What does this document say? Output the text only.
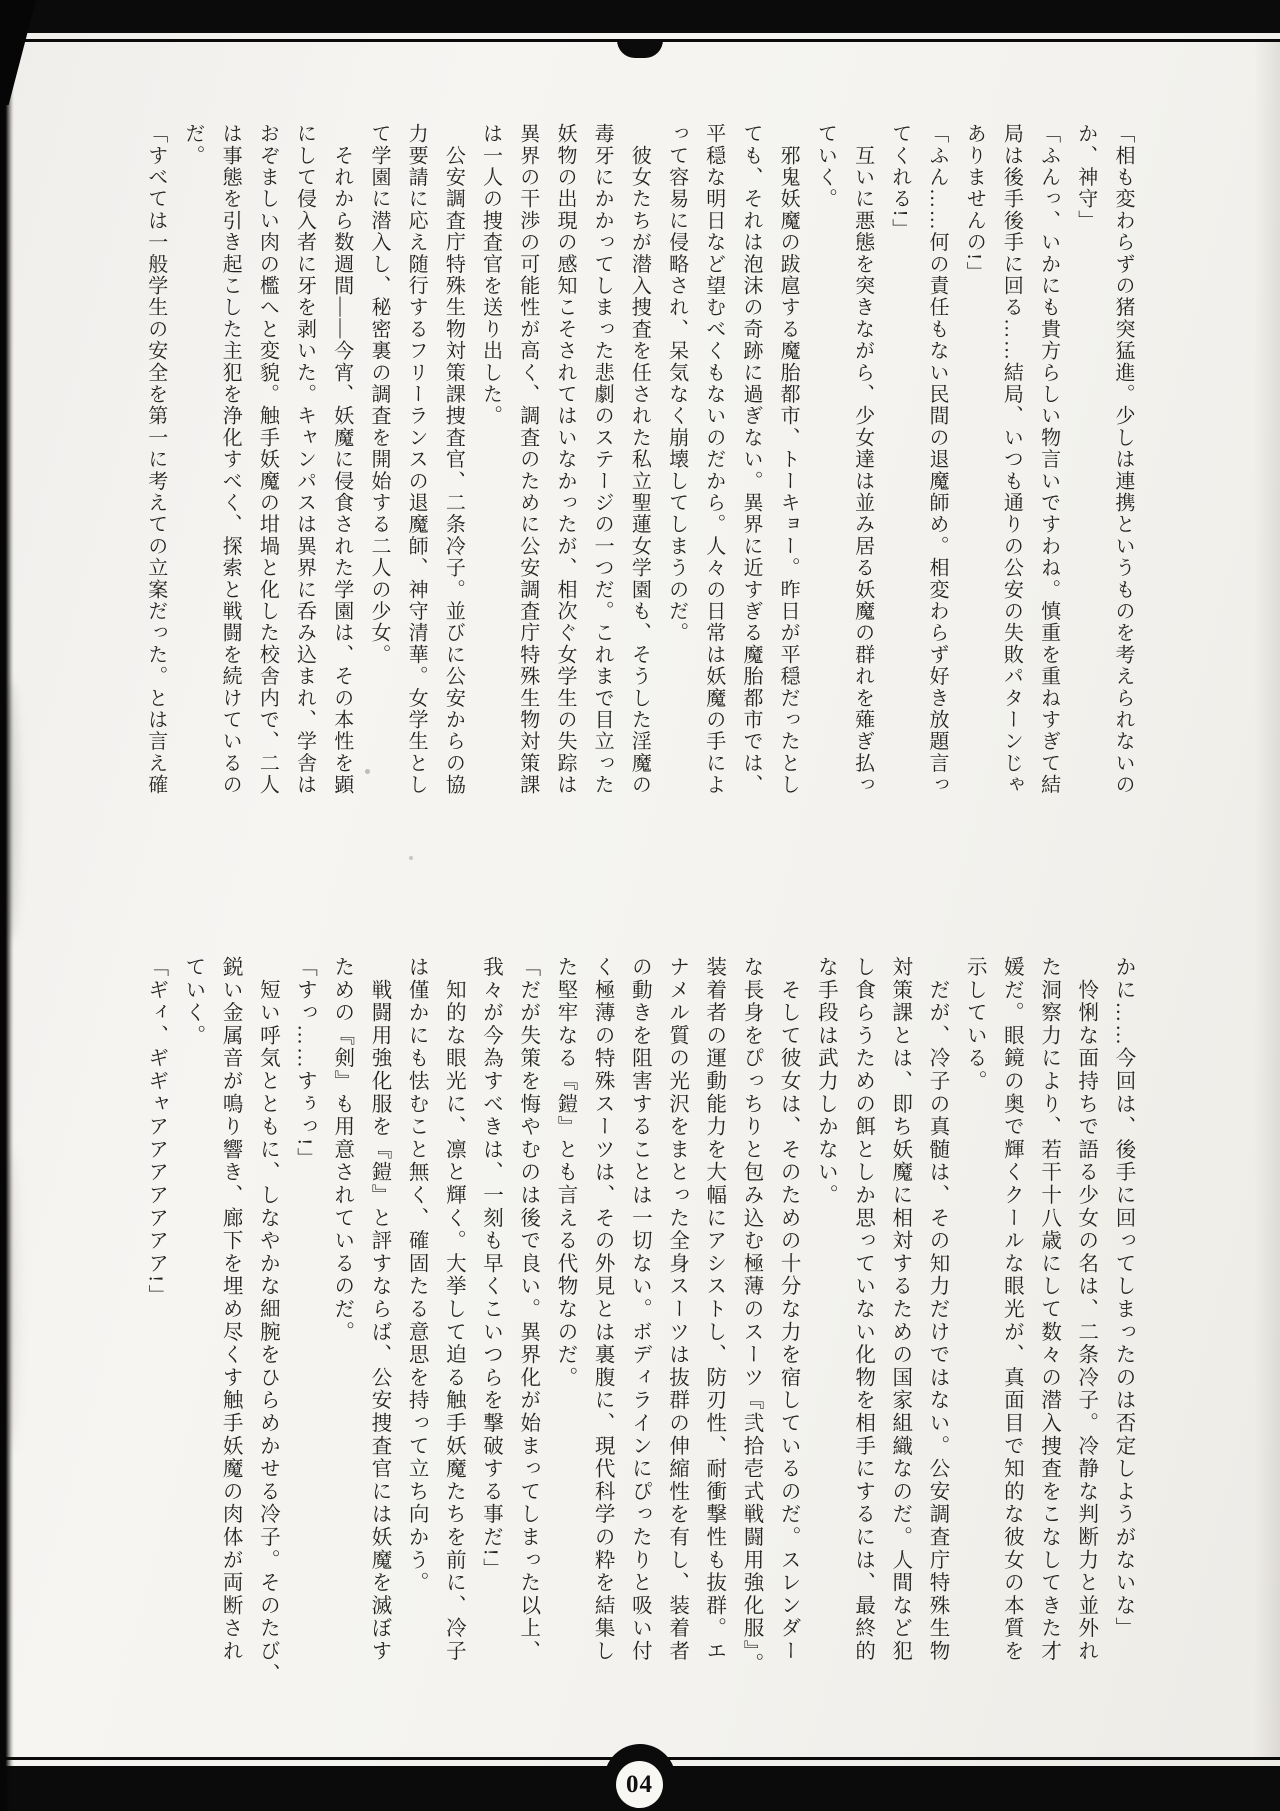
「相も変わらずの猪突猛進。少しは連携というものを考えられないの
か、神守」
「ふんっ、いかにも貴方らしい物言いですわね。慎重を重ねすぎて結
局は後手後手に回る……結局、いつも通りの公安の失敗パターンじゃ
ありませんの!」
「ふん……何の責任もない民間の退魔師め。相変わらず好き放題言っ
てくれる!」
　互いに悪態を突きながら、少女達は並み居る妖魔の群れを薙ぎ払っ
ていく。
　邪鬼妖魔の跋扈する魔胎都市、トーキョー。昨日が平穏だったとし
ても、それは泡沫の奇跡に過ぎない。異界に近すぎる魔胎都市では、
平穏な明日など望むべくもないのだから。人々の日常は妖魔の手によ
って容易に侵略され、呆気なく崩壊してしまうのだ。
　彼女たちが潜入捜査を任された私立聖蓮女学園も、そうした淫魔の
毒牙にかかってしまった悲劇のステージの一つだ。これまで目立った
妖物の出現の感知こそされてはいなかったが、相次ぐ女学生の失踪は
異界の干渉の可能性が高く、調査のために公安調査庁特殊生物対策課
は一人の捜査官を送り出した。
　公安調査庁特殊生物対策課捜査官、二条冷子。並びに公安からの協
力要請に応え随行するフリーランスの退魔師、神守清華。女学生とし
て学園に潜入し、秘密裏の調査を開始する二人の少女。
　それから数週間――今宵、妖魔に侵食された学園は、その本性を顕
にして侵入者に牙を剥いた。キャンパスは異界に呑み込まれ、学舎は
おぞましい肉の檻へと変貌。触手妖魔の坩堝と化した校舎内で、二人
は事態を引き起こした主犯を浄化すべく、探索と戦闘を続けているの
だ。
「すべては一般学生の安全を第一に考えての立案だった。とは言え確
かに……今回は、後手に回ってしまったのは否定しようがないな」
　怜悧な面持ちで語る少女の名は、二条冷子。冷静な判断力と並外れ
た洞察力により、若干十八歳にして数々の潜入捜査をこなしてきた才
媛だ。眼鏡の奥で輝くクールな眼光が、真面目で知的な彼女の本質を
示している。
　だが、冷子の真髄は、その知力だけではない。公安調査庁特殊生物
対策課とは、即ち妖魔に相対するための国家組織なのだ。人間など犯
し食らうための餌としか思っていない化物を相手にするには、最終的
な手段は武力しかない。
　そして彼女は、そのための十分な力を宿しているのだ。スレンダー
な長身をぴっちりと包み込む極薄のスーツ『弐拾壱式戦闘用強化服』。
装着者の運動能力を大幅にアシストし、防刃性、耐衝撃性も抜群。エ
ナメル質の光沢をまとった全身スーツは抜群の伸縮性を有し、装着者
の動きを阻害することは一切ない。ボディラインにぴったりと吸い付
く極薄の特殊スーツは、その外見とは裏腹に、現代科学の粋を結集し
た堅牢なる『鎧』とも言える代物なのだ。
「だが失策を悔やむのは後で良い。異界化が始まってしまった以上、
我々が今為すべきは、一刻も早くこいつらを撃破する事だ!」
　知的な眼光に、凛と輝く。大挙して迫る触手妖魔たちを前に、冷子
は僅かにも怯むこと無く、確固たる意思を持って立ち向かう。
　戦闘用強化服を『鎧』と評すならば、公安捜査官には妖魔を滅ぼす
ための『剣』も用意されているのだ。
「すっ……すぅっ!」
　短い呼気とともに、しなやかな細腕をひらめかせる冷子。そのたび、
鋭い金属音が鳴り響き、廊下を埋め尽くす触手妖魔の肉体が両断され
ていく。
「ギィ、ギギャアアアアアアア!」
04
